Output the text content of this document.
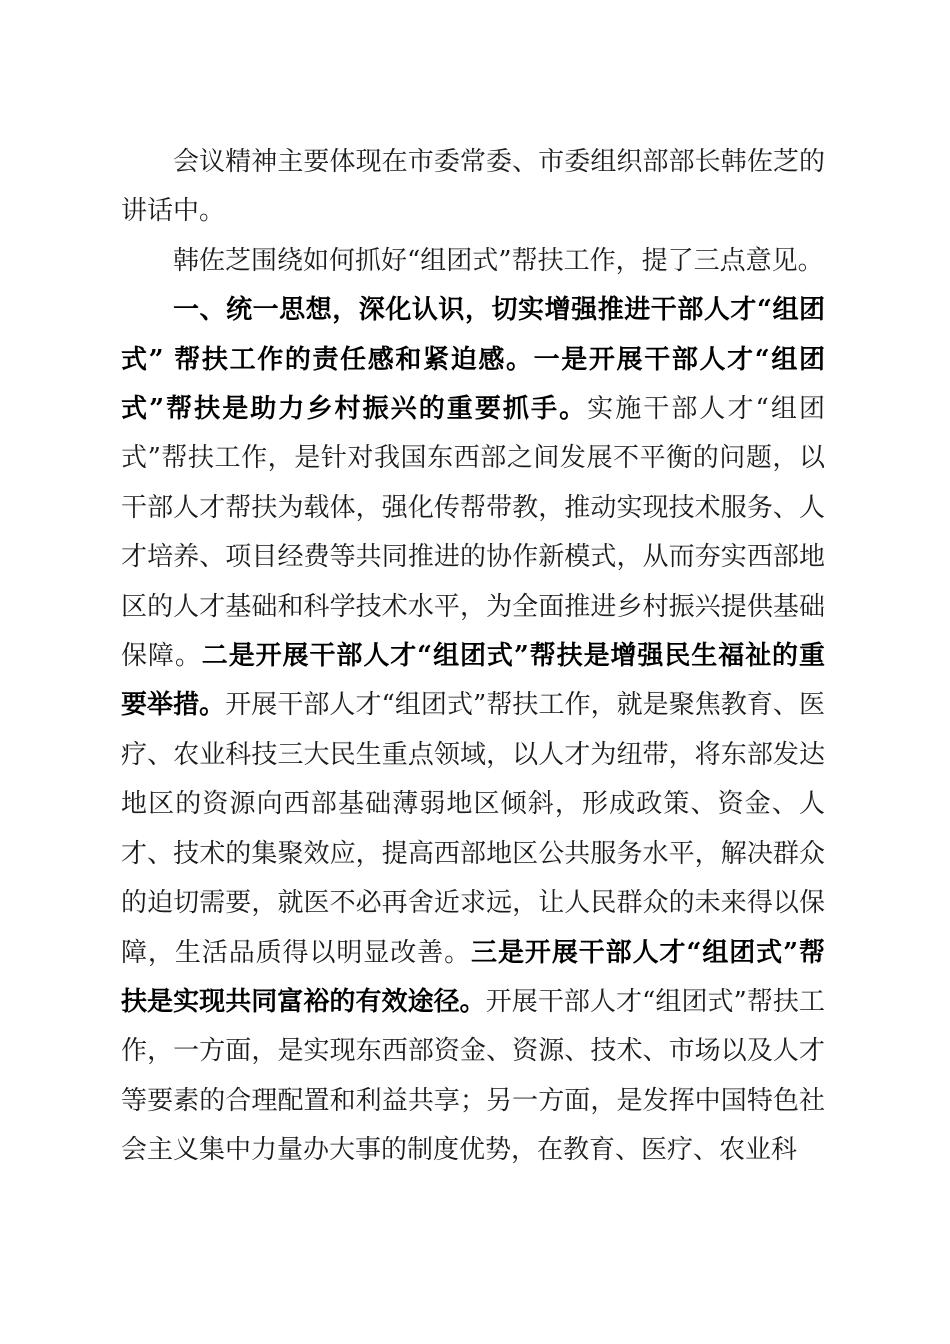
会议精神主要体现在市委常委、市委组织部部长韩佐芝的讲话中。

韩佐芝围绕如何抓好“组团式”帮扶工作，提了三点意见。

一、统一思想，深化认识，切实增强推进干部人才“组团式” 帮扶工作的责任感和紧迫感。一是开展干部人才“组团式”帮扶是助力乡村振兴的重要抓手。实施干部人才“组团式”帮扶工作，是针对我国东西部之间发展不平衡的问题，以干部人才帮扶为载体，强化传帮带教，推动实现技术服务、人才培养、项目经费等共同推进的协作新模式，从而夯实西部地区的人才基础和科学技术水平，为全面推进乡村振兴提供基础保障。二是开展干部人才“组团式”帮扶是增强民生福祉的重要举措。开展干部人才“组团式”帮扶工作，就是聚焦教育、医疗、农业科技三大民生重点领域，以人才为纽带，将东部发达地区的资源向西部基础薄弱地区倾斜，形成政策、资金、人才、技术的集聚效应，提高西部地区公共服务水平，解决群众的迫切需要，就医不必再舍近求远，让人民群众的未来得以保障，生活品质得以明显改善。三是开展干部人才“组团式”帮扶是实现共同富裕的有效途径。开展干部人才“组团式”帮扶工作，一方面，是实现东西部资金、资源、技术、市场以及人才等要素的合理配置和利益共享；另一方面，是发挥中国特色社会主义集中力量办大事的制度优势，在教育、医疗、农业科
